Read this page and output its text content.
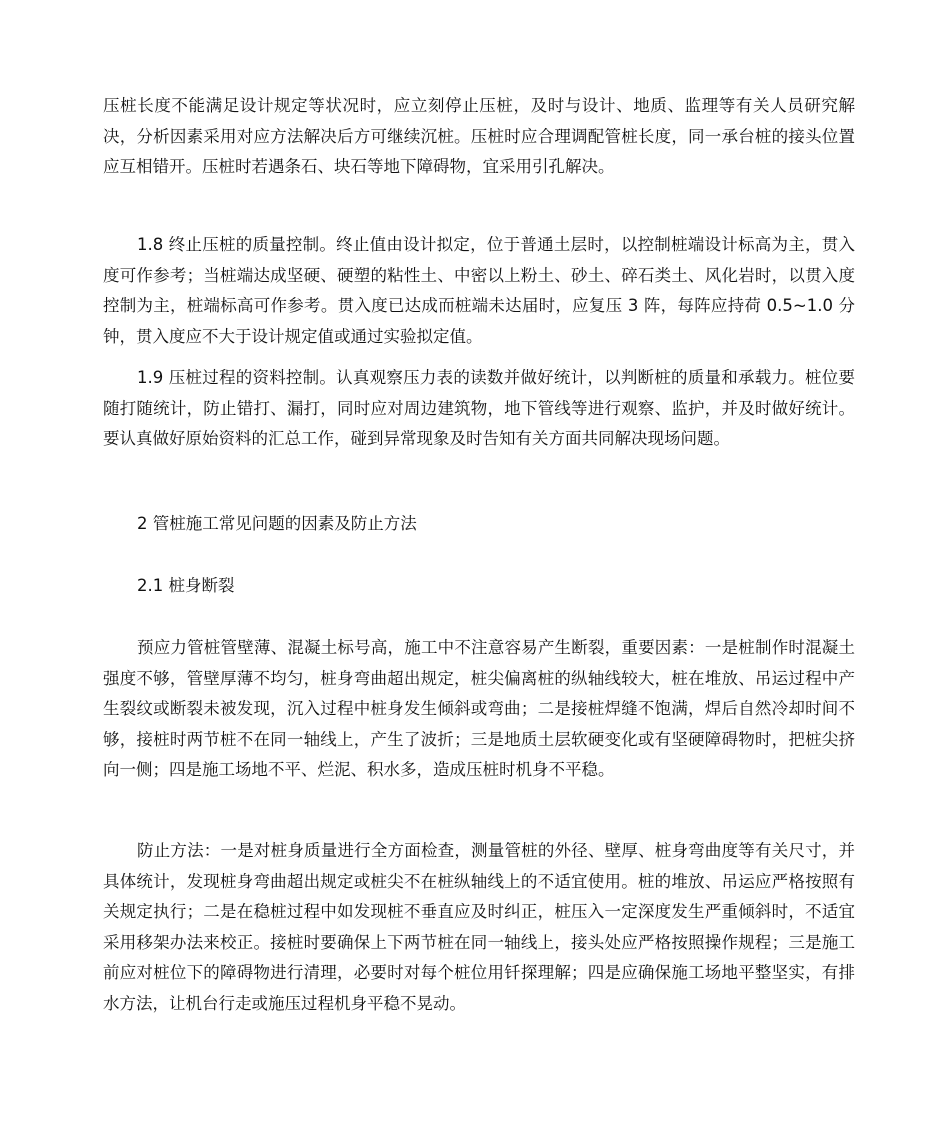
压桩长度不能满足设计规定等状况时，应立刻停止压桩，及时与设计、地质、监理等有关人员研究解决，分析因素采用对应方法解决后方可继续沉桩。压桩时应合理调配管桩长度，同一承台桩的接头位置应互相错开。压桩时若遇条石、块石等地下障碍物，宜采用引孔解决。

1.8 终止压桩的质量控制。终止值由设计拟定，位于普通土层时，以控制桩端设计标高为主，贯入度可作参考；当桩端达成坚硬、硬塑的粘性土、中密以上粉土、砂土、碎石类土、风化岩时，以贯入度控制为主，桩端标高可作参考。贯入度已达成而桩端未达届时，应复压 3 阵，每阵应持荷 0.5~1.0 分钟，贯入度应不大于设计规定值或通过实验拟定值。

1.9 压桩过程的资料控制。认真观察压力表的读数并做好统计，以判断桩的质量和承载力。桩位要随打随统计，防止错打、漏打，同时应对周边建筑物，地下管线等进行观察、监护，并及时做好统计。要认真做好原始资料的汇总工作，碰到异常现象及时告知有关方面共同解决现场问题。

2 管桩施工常见问题的因素及防止方法

2.1 桩身断裂

预应力管桩管壁薄、混凝土标号高，施工中不注意容易产生断裂，重要因素：一是桩制作时混凝土强度不够，管壁厚薄不均匀，桩身弯曲超出规定，桩尖偏离桩的纵轴线较大，桩在堆放、吊运过程中产生裂纹或断裂未被发现，沉入过程中桩身发生倾斜或弯曲；二是接桩焊缝不饱满，焊后自然冷却时间不够，接桩时两节桩不在同一轴线上，产生了波折；三是地质土层软硬变化或有坚硬障碍物时，把桩尖挤向一侧；四是施工场地不平、烂泥、积水多，造成压桩时机身不平稳。

防止方法：一是对桩身质量进行全方面检查，测量管桩的外径、壁厚、桩身弯曲度等有关尺寸，并具体统计，发现桩身弯曲超出规定或桩尖不在桩纵轴线上的不适宜使用。桩的堆放、吊运应严格按照有关规定执行；二是在稳桩过程中如发现桩不垂直应及时纠正，桩压入一定深度发生严重倾斜时，不适宜采用移架办法来校正。接桩时要确保上下两节桩在同一轴线上，接头处应严格按照操作规程；三是施工前应对桩位下的障碍物进行清理，必要时对每个桩位用钎探理解；四是应确保施工场地平整坚实，有排水方法，让机台行走或施压过程机身平稳不晃动。
